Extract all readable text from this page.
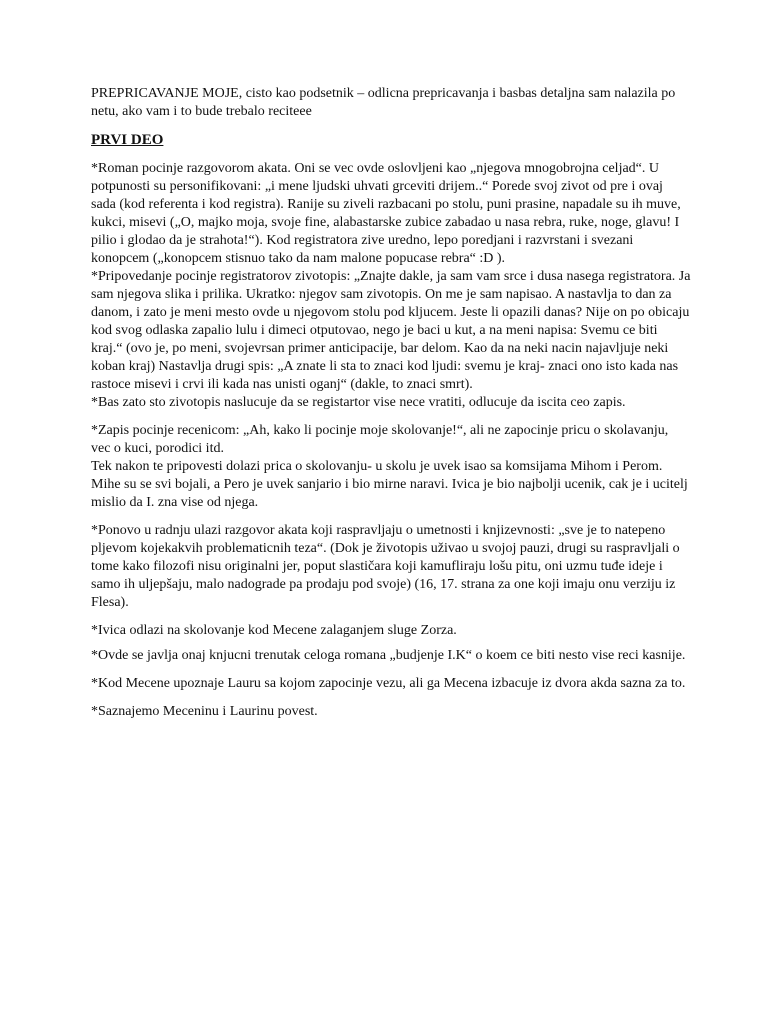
PREPRICAVANJE MOJE, cisto kao podsetnik – odlicna prepricavanja i basbas detaljna sam nalazila po netu, ako vam i to bude trebalo reciteee

PRVI DEO

*Roman pocinje razgovorom akata. Oni se vec ovde oslovljeni kao „njegova mnogobrojna celjad“. U potpunosti su personifikovani: „i mene ljudski uhvati grceviti drijem..“ Porede svoj zivot od pre i ovaj sada (kod referenta i kod registra). Ranije su ziveli razbacani po stolu, puni prasine, napadale su ih muve, kukci, misevi („O, majko moja, svoje fine, alabastarske zubice zabadao u nasa rebra, ruke, noge, glavu! I pilio i glodao da je strahota!“). Kod registratora zive uredno, lepo poredjani i razvrstani i svezani konopcem („konopcem stisnuo tako da nam malone popucase rebra“ :D ).

*Pripovedanje pocinje registratorov zivotopis: „Znajte dakle, ja sam vam srce i dusa nasega registratora. Ja sam njegova slika i prilika. Ukratko: njegov sam zivotopis. On me je sam napisao. A nastavlja to dan za danom, i zato je meni mesto ovde u njegovom stolu pod kljucem. Jeste li opazili danas? Nije on po obicaju kod svog odlaska zapalio lulu i dimeci otputovao, nego je baci u kut, a na meni napisa: Svemu ce biti kraj.“ (ovo je, po meni, svojevrsan primer anticipacije, bar delom. Kao da na neki nacin najavljuje neki koban kraj) Nastavlja drugi spis: „A znate li sta to znaci kod ljudi: svemu je kraj- znaci ono isto kada nas rastoce misevi i crvi ili kada nas unisti oganj“ (dakle, to znaci smrt).

*Bas zato sto zivotopis naslucuje da se registartor vise nece vratiti, odlucuje da iscita ceo zapis.

*Zapis pocinje recenicom: „Ah, kako li pocinje moje skolovanje!“, ali ne zapocinje pricu o skolavanju, vec o kuci, porodici itd.

Tek nakon te pripovesti dolazi prica o skolovanju- u skolu je uvek isao sa komsijama Mihom i Perom. Mihe su se svi bojali, a Pero je uvek sanjario i bio mirne naravi. Ivica je bio najbolji ucenik, cak je i ucitelj mislio da I. zna vise od njega.

*Ponovo u radnju ulazi razgovor akata koji raspravljaju o umetnosti i knjizevnosti: „sve je to natepeno pljevom kojekakvih problematicnih teza“. (Dok je životopis uživao u svojoj pauzi, drugi su raspravljali o tome kako filozofi nisu originalni jer, poput slastičara koji kamufliraju lošu pitu, oni uzmu tuđe ideje i samo ih uljepšaju, malo nadograde pa prodaju pod svoje) (16, 17. strana za one koji imaju onu verziju iz Flesa).

*Ivica odlazi na skolovanje kod Mecene zalaganjem sluge Zorza.

*Ovde se javlja onaj knjucni trenutak celoga romana „budjenje I.K“ o koem ce biti nesto vise reci kasnije.

*Kod Mecene upoznaje Lauru sa kojom zapocinje vezu, ali ga Mecena izbacuje iz dvora akda sazna za to.

*Saznajemo Meceninu i Laurinu povest.
